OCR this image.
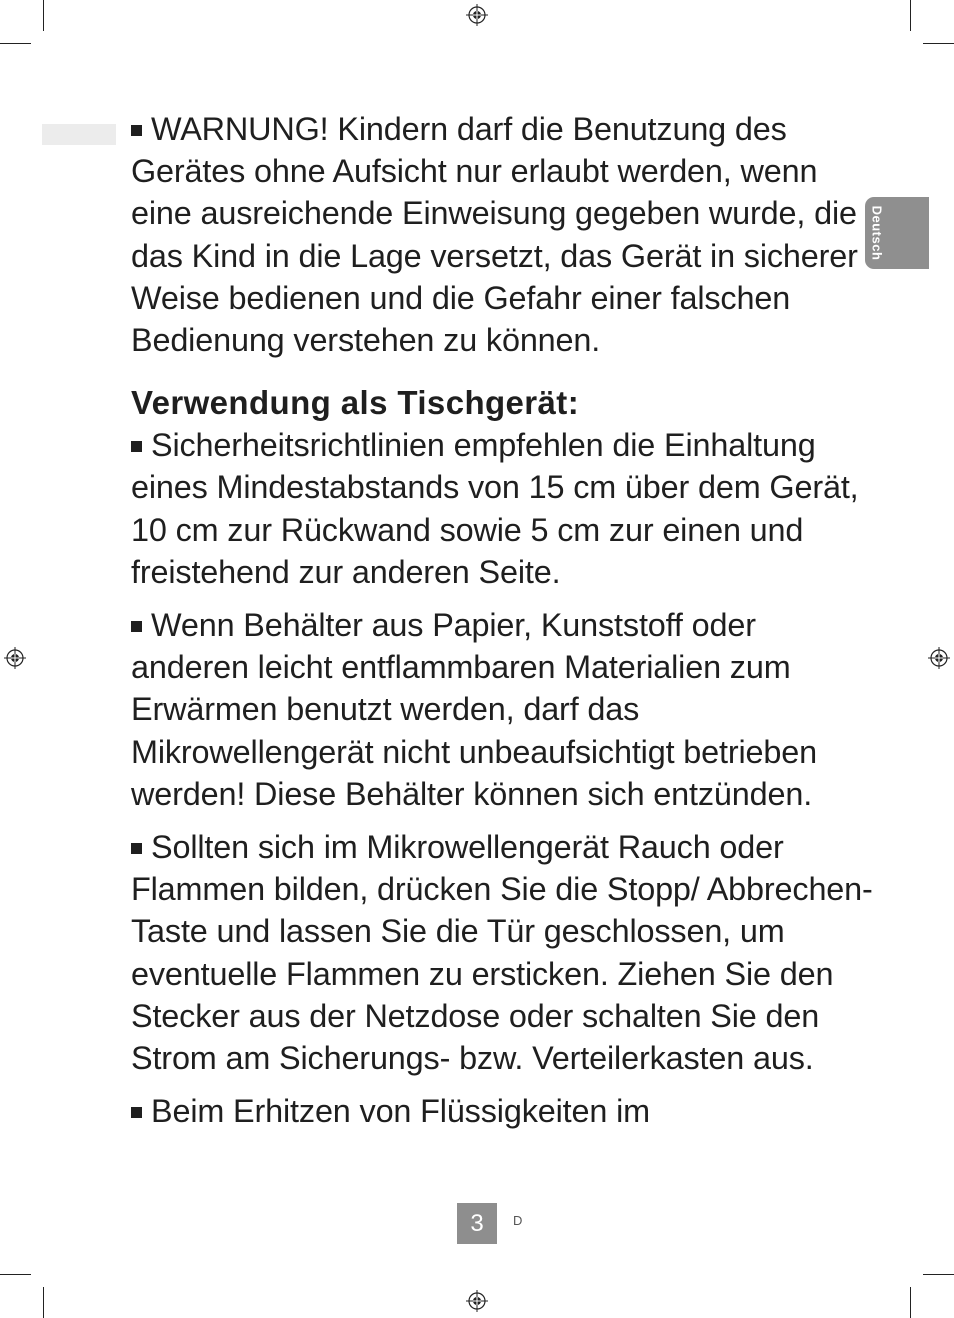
Deutsch

WARNUNG! Kindern darf die Benutzung des Gerätes ohne Aufsicht nur erlaubt werden, wenn eine ausreichende Einweisung gegeben wurde, die das Kind in die Lage versetzt, das Gerät in sicherer Weise bedienen und die Gefahr einer falschen Bedienung verstehen zu können.

Verwendung als Tischgerät:

Sicherheitsrichtlinien empfehlen die Einhaltung eines Mindestabstands von 15 cm über dem Gerät, 10 cm zur Rückwand sowie 5 cm zur einen und freistehend zur anderen Seite.

Wenn Behälter aus Papier, Kunststoff oder anderen leicht entflammbaren Materialien zum Erwärmen benutzt werden, darf das Mikrowellengerät nicht unbeaufsichtigt betrieben werden! Diese Behälter können sich entzünden.

Sollten sich im Mikrowellengerät Rauch oder Flammen bilden, drücken Sie die Stopp/ Abbrechen-Taste und lassen Sie die Tür geschlossen, um eventuelle Flammen zu ersticken. Ziehen Sie den Stecker aus der Netzdose oder schalten Sie den Strom am Sicherungs- bzw. Verteilerkasten aus.

Beim Erhitzen von Flüssigkeiten im

3	D
